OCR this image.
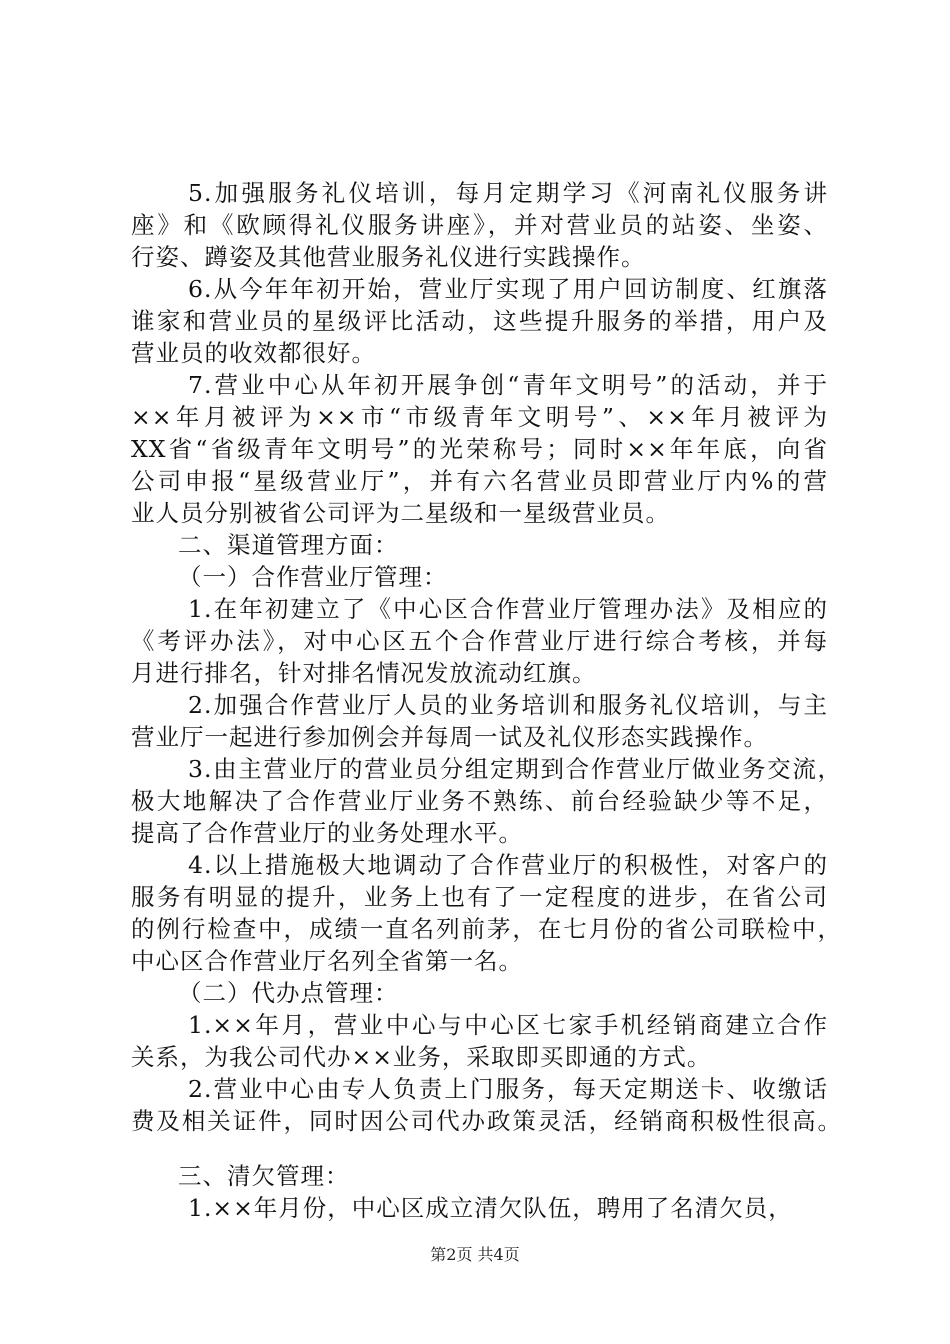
5.加强服务礼仪培训，每月定期学习《河南礼仪服务讲
座》和《欧顾得礼仪服务讲座》，并对营业员的站姿、坐姿、
行姿、蹲姿及其他营业服务礼仪进行实践操作。
6.从今年年初开始，营业厅实现了用户回访制度、红旗落
谁家和营业员的星级评比活动，这些提升服务的举措，用户及
营业员的收效都很好。
7.营业中心从年初开展争创“青年文明号”的活动，并于
××年月被评为××市“市级青年文明号”、××年月被评为
XX省“省级青年文明号”的光荣称号；同时××年年底，向省
公司申报“星级营业厅”，并有六名营业员即营业厅内%的营
业人员分别被省公司评为二星级和一星级营业员。
二、渠道管理方面：
（一）合作营业厅管理：
1.在年初建立了《中心区合作营业厅管理办法》及相应的
《考评办法》，对中心区五个合作营业厅进行综合考核，并每
月进行排名，针对排名情况发放流动红旗。
2.加强合作营业厅人员的业务培训和服务礼仪培训，与主
营业厅一起进行参加例会并每周一试及礼仪形态实践操作。
3.由主营业厅的营业员分组定期到合作营业厅做业务交流，
极大地解决了合作营业厅业务不熟练、前台经验缺少等不足，
提高了合作营业厅的业务处理水平。
4.以上措施极大地调动了合作营业厅的积极性，对客户的
服务有明显的提升，业务上也有了一定程度的进步，在省公司
的例行检查中，成绩一直名列前茅，在七月份的省公司联检中，
中心区合作营业厅名列全省第一名。
（二）代办点管理：
1.××年月，营业中心与中心区七家手机经销商建立合作
关系，为我公司代办××业务，采取即买即通的方式。
2.营业中心由专人负责上门服务，每天定期送卡、收缴话
费及相关证件，同时因公司代办政策灵活，经销商积极性很高。
三、清欠管理：
1.××年月份，中心区成立清欠队伍，聘用了名清欠员，
第2页 共4页
